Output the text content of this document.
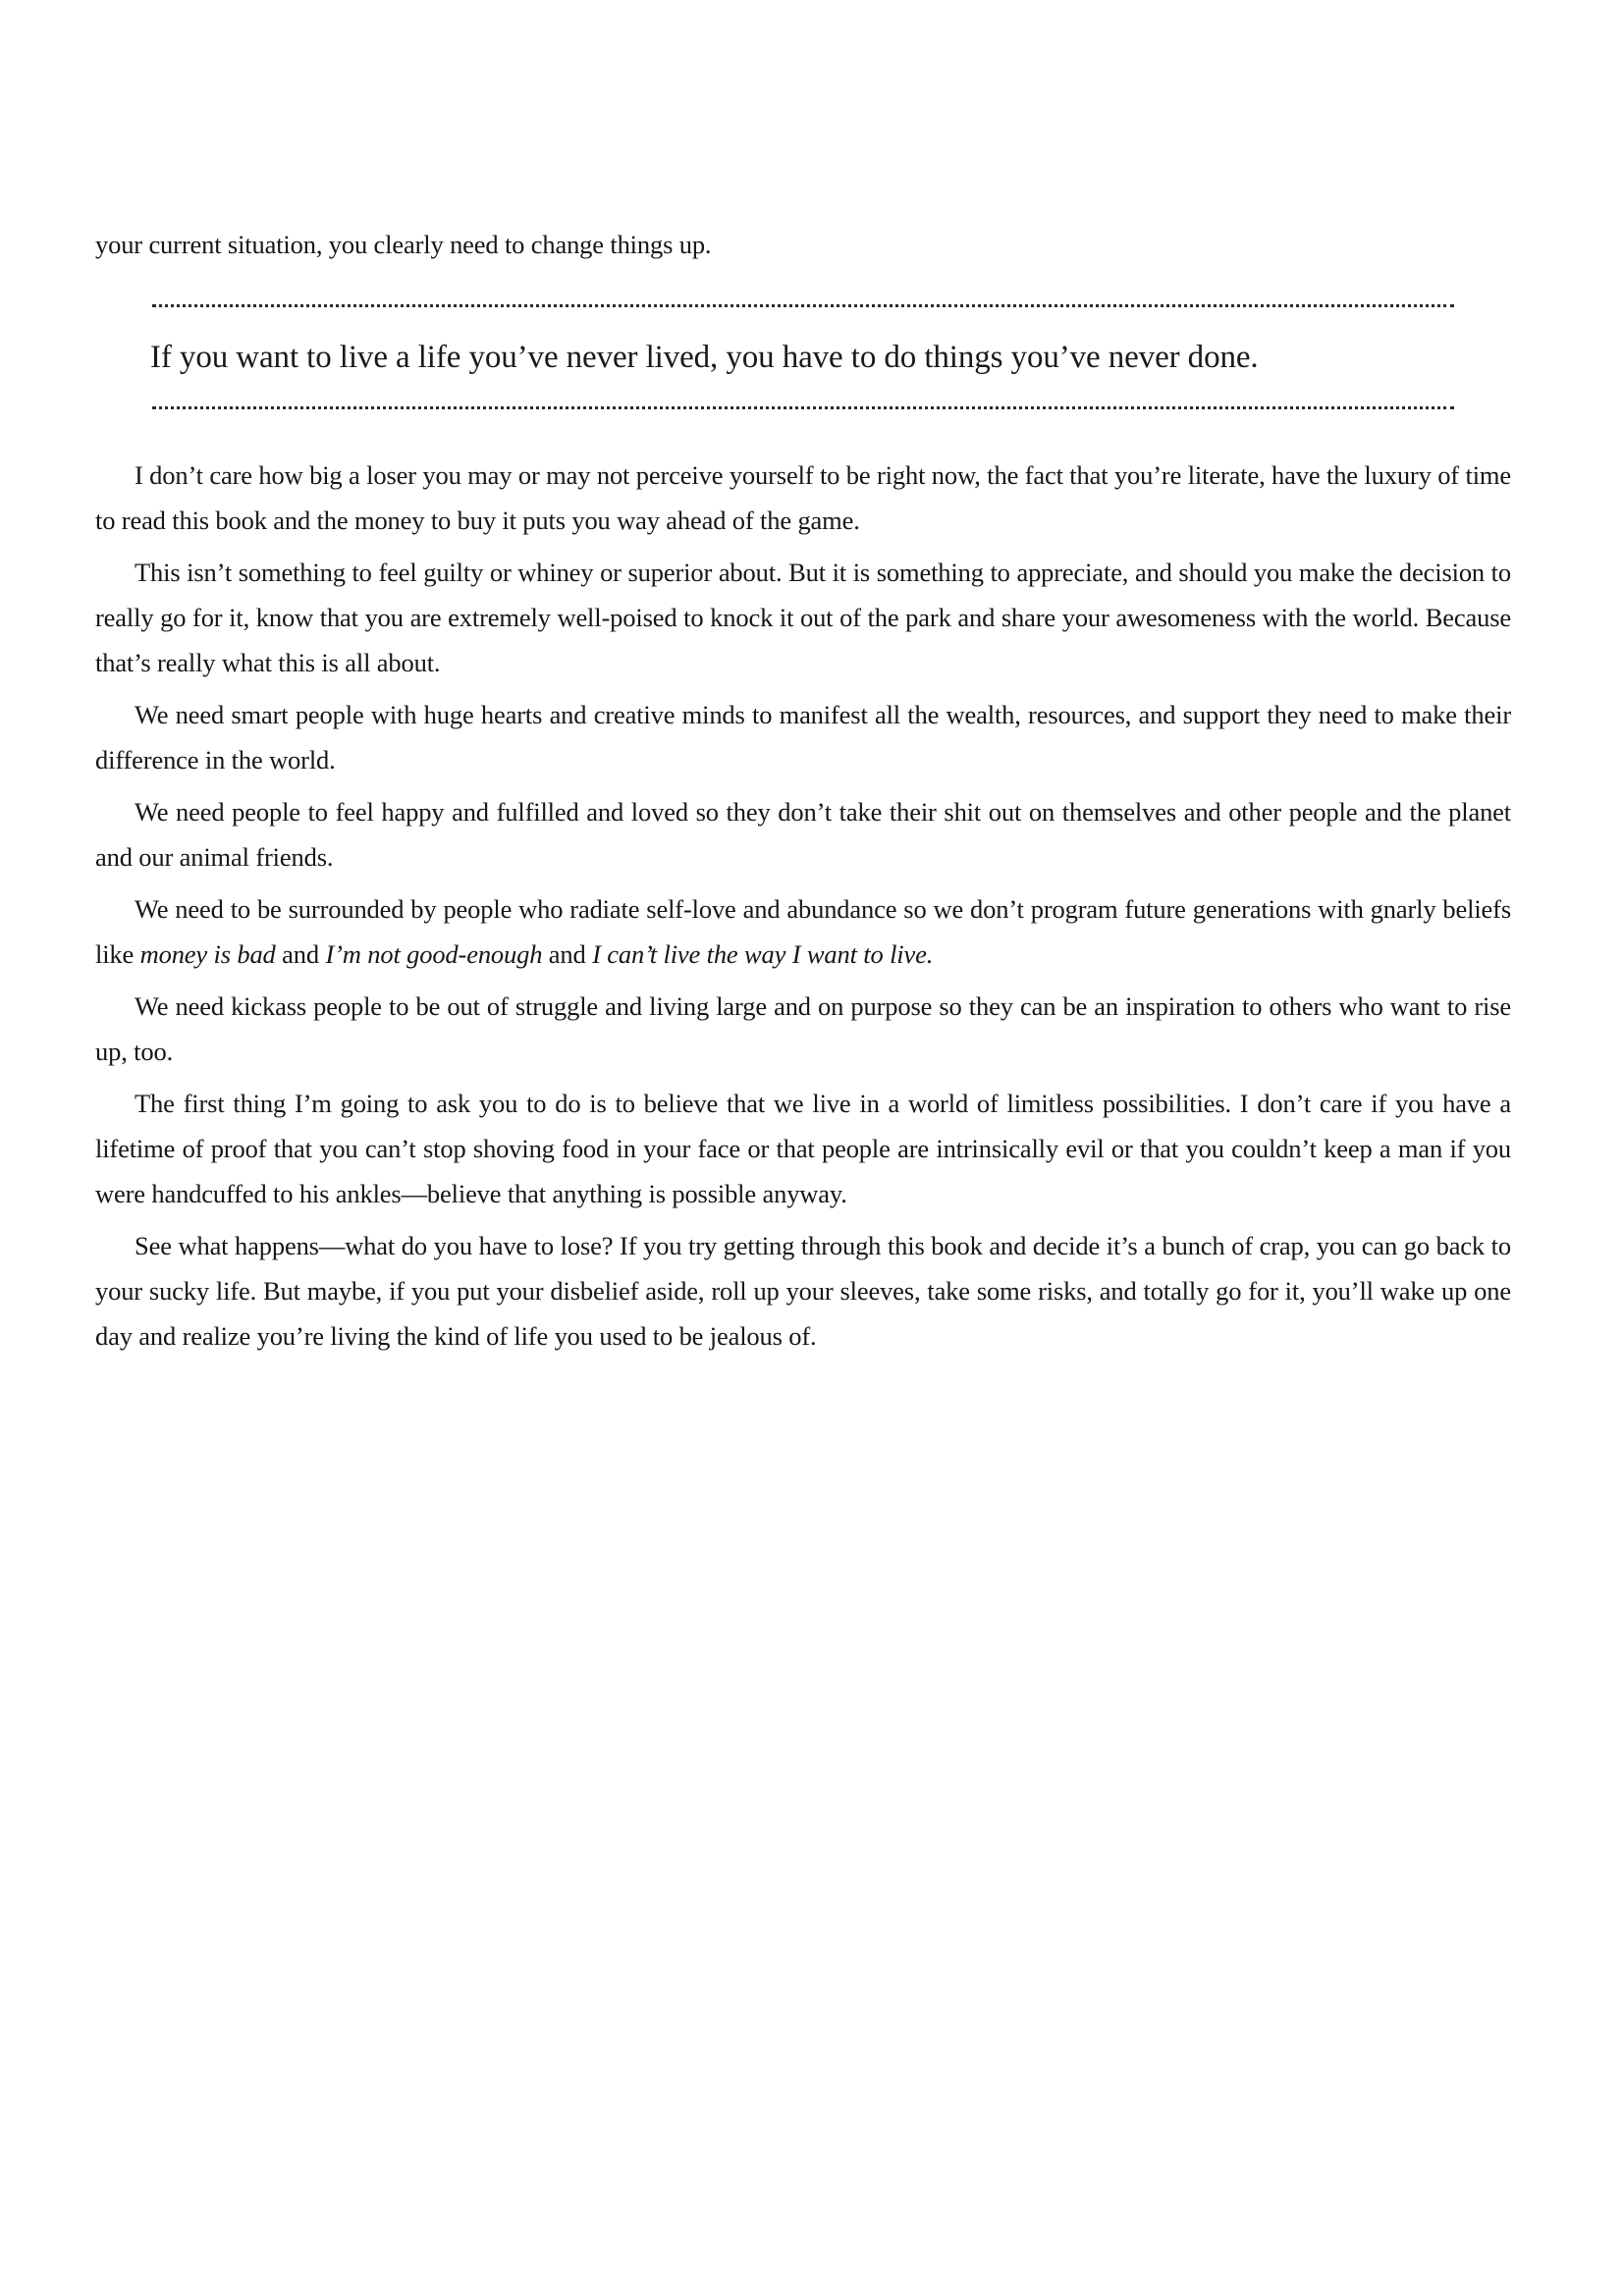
your current situation, you clearly need to change things up.

If you want to live a life you’ve never lived, you have to do things you’ve never done.

I don’t care how big a loser you may or may not perceive yourself to be right now, the fact that you’re literate, have the luxury of time to read this book and the money to buy it puts you way ahead of the game.

This isn’t something to feel guilty or whiney or superior about. But it is something to appreciate, and should you make the decision to really go for it, know that you are extremely well-poised to knock it out of the park and share your awesomeness with the world. Because that’s really what this is all about.

We need smart people with huge hearts and creative minds to manifest all the wealth, resources, and support they need to make their difference in the world.

We need people to feel happy and fulfilled and loved so they don’t take their shit out on themselves and other people and the planet and our animal friends.

We need to be surrounded by people who radiate self-love and abundance so we don’t program future generations with gnarly beliefs like money is bad and I’m not good-enough and I can’t live the way I want to live.

We need kickass people to be out of struggle and living large and on purpose so they can be an inspiration to others who want to rise up, too.

The first thing I’m going to ask you to do is to believe that we live in a world of limitless possibilities. I don’t care if you have a lifetime of proof that you can’t stop shoving food in your face or that people are intrinsically evil or that you couldn’t keep a man if you were handcuffed to his ankles—believe that anything is possible anyway.

See what happens—what do you have to lose? If you try getting through this book and decide it’s a bunch of crap, you can go back to your sucky life. But maybe, if you put your disbelief aside, roll up your sleeves, take some risks, and totally go for it, you’ll wake up one day and realize you’re living the kind of life you used to be jealous of.
